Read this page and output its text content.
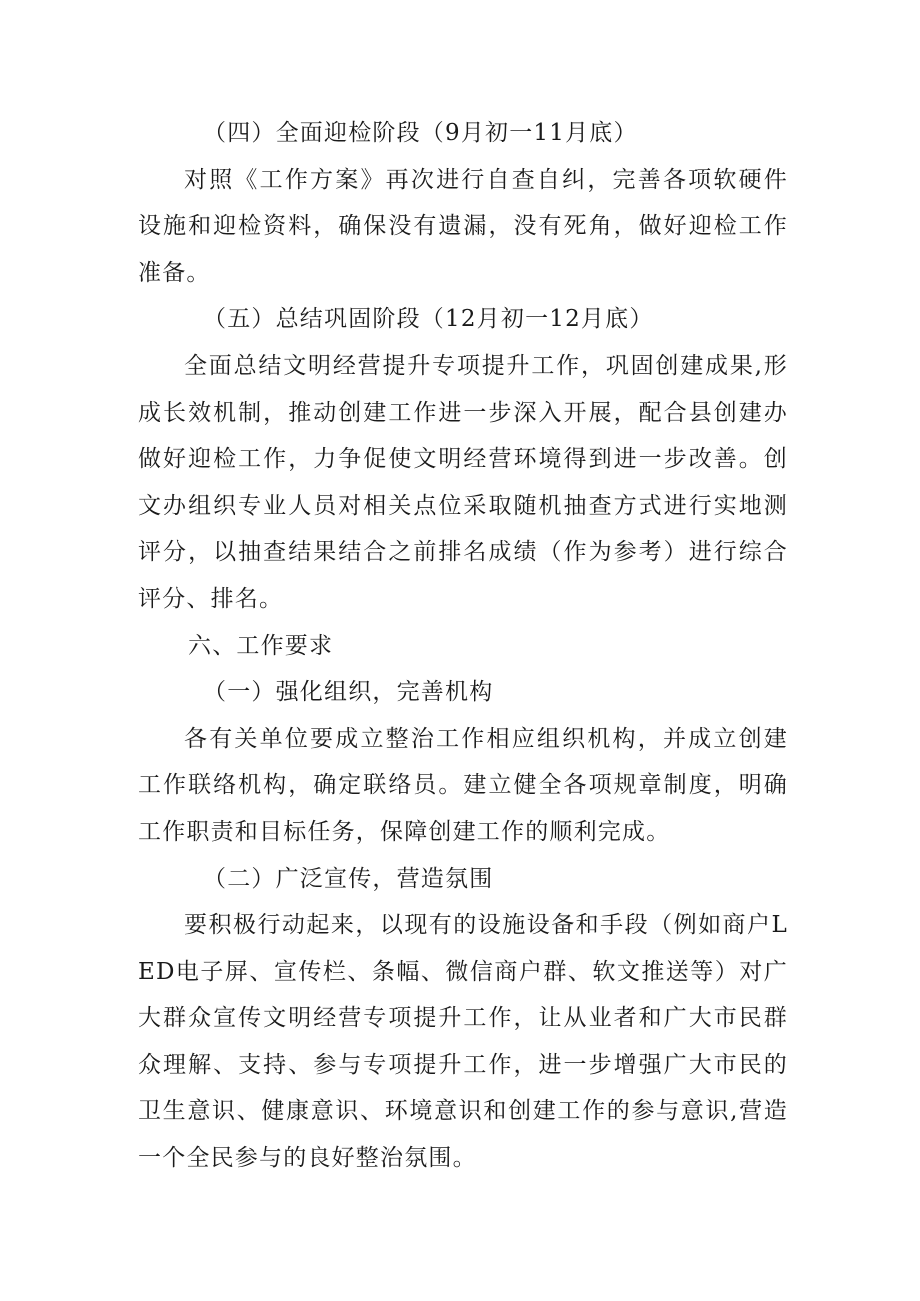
（四）全面迎检阶段（9月初一11月底）

对照《工作方案》再次进行自查自纠，完善各项软硬件设施和迎检资料，确保没有遗漏，没有死角，做好迎检工作准备。

（五）总结巩固阶段（12月初一12月底）

全面总结文明经营提升专项提升工作，巩固创建成果,形成长效机制，推动创建工作进一步深入开展，配合县创建办做好迎检工作，力争促使文明经营环境得到进一步改善。创文办组织专业人员对相关点位采取随机抽查方式进行实地测评分，以抽查结果结合之前排名成绩（作为参考）进行综合评分、排名。

六、工作要求

（一）强化组织，完善机构

各有关单位要成立整治工作相应组织机构，并成立创建工作联络机构，确定联络员。建立健全各项规章制度，明确工作职责和目标任务，保障创建工作的顺利完成。

（二）广泛宣传，营造氛围

要积极行动起来，以现有的设施设备和手段（例如商户LED电子屏、宣传栏、条幅、微信商户群、软文推送等）对广大群众宣传文明经营专项提升工作，让从业者和广大市民群众理解、支持、参与专项提升工作，进一步增强广大市民的卫生意识、健康意识、环境意识和创建工作的参与意识,营造一个全民参与的良好整治氛围。
